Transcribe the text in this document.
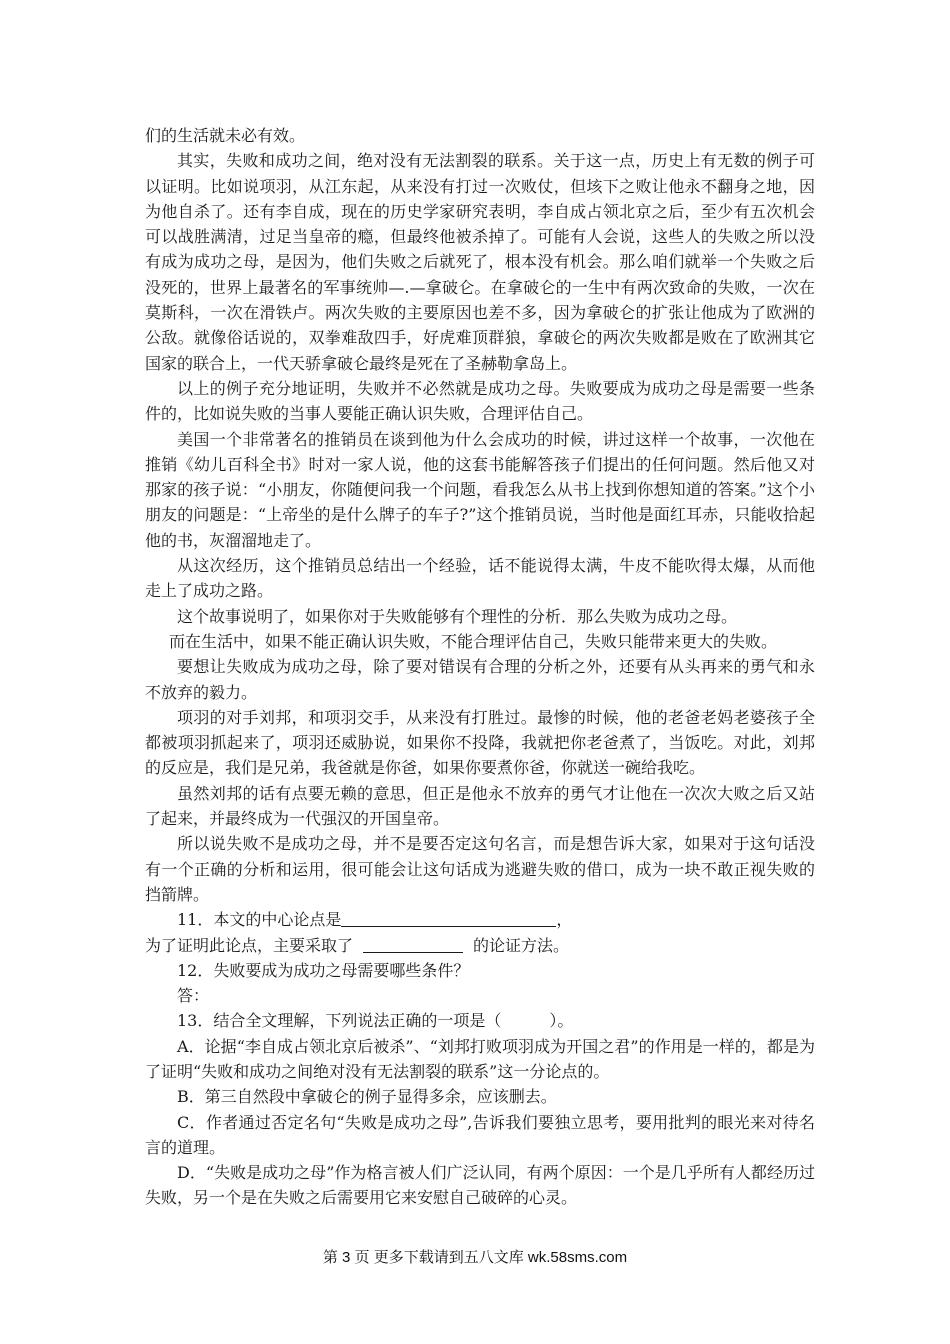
们的生活就未必有效。

其实，失败和成功之间，绝对没有无法割裂的联系。关于这一点，历史上有无数的例子可以证明。比如说项羽，从江东起，从来没有打过一次败仗，但垓下之败让他永不翻身之地，因为他自杀了。还有李自成，现在的历史学家研究表明，李自成占领北京之后，至少有五次机会可以战胜满清，过足当皇帝的瘾，但最终他被杀掉了。可能有人会说，这些人的失败之所以没有成为成功之母，是因为，他们失败之后就死了，根本没有机会。那么咱们就举一个失败之后没死的，世界上最著名的军事统帅—.—拿破仑。在拿破仑的一生中有两次致命的失败，一次在莫斯科，一次在滑铁卢。两次失败的主要原因也差不多，因为拿破仑的扩张让他成为了欧洲的公敌。就像俗话说的，双拳难敌四手，好虎难顶群狼，拿破仑的两次失败都是败在了欧洲其它国家的联合上，一代天骄拿破仑最终是死在了圣赫勒拿岛上。

以上的例子充分地证明，失败并不必然就是成功之母。失败要成为成功之母是需要一些条件的，比如说失败的当事人要能正确认识失败，合理评估自己。

美国一个非常著名的推销员在谈到他为什么会成功的时候，讲过这样一个故事，一次他在推销《幼儿百科全书》时对一家人说，他的这套书能解答孩子们提出的任何问题。然后他又对那家的孩子说：“小朋友，你随便问我一个问题，看我怎么从书上找到你想知道的答案。”这个小朋友的问题是：“上帝坐的是什么牌子的车子?”这个推销员说，当时他是面红耳赤，只能收拾起他的书，灰溜溜地走了。

从这次经历，这个推销员总结出一个经验，话不能说得太满，牛皮不能吹得太爆，从而他走上了成功之路。

这个故事说明了，如果你对于失败能够有个理性的分析．那么失败为成功之母。

而在生活中，如果不能正确认识失败，不能合理评估自己，失败只能带来更大的失败。

要想让失败成为成功之母，除了要对错误有合理的分析之外，还要有从头再来的勇气和永不放弃的毅力。

项羽的对手刘邦，和项羽交手，从来没有打胜过。最惨的时候，他的老爸老妈老婆孩子全都被项羽抓起来了，项羽还威胁说，如果你不投降，我就把你老爸煮了，当饭吃。对此，刘邦的反应是，我们是兄弟，我爸就是你爸，如果你要煮你爸，你就送一碗给我吃。

虽然刘邦的话有点要无赖的意思，但正是他永不放弃的勇气才让他在一次次大败之后又站了起来，并最终成为一代强汉的开国皇帝。

所以说失败不是成功之母，并不是要否定这句名言，而是想告诉大家，如果对于这句话没有一个正确的分析和运用，很可能会让这句话成为逃避失败的借口，成为一块不敢正视失败的挡箭牌。

11．本文的中心论点是	，

为了证明此论点，主要采取了	的论证方法。

12．失败要成为成功之母需要哪些条件？

答：

13．结合全文理解，下列说法正确的一项是（　　　）。

A．论据“李自成占领北京后被杀”、“刘邦打败项羽成为开国之君”的作用是一样的，都是为了证明“失败和成功之间绝对没有无法割裂的联系”这一分论点的。

B．第三自然段中拿破仑的例子显得多余，应该删去。

C．作者通过否定名句“失败是成功之母”,告诉我们要独立思考，要用批判的眼光来对待名言的道理。

D．“失败是成功之母”作为格言被人们广泛认同，有两个原因：一个是几乎所有人都经历过失败，另一个是在失败之后需要用它来安慰自己破碎的心灵。

第 3 页 更多下载请到五八文库 wk.58sms.com
